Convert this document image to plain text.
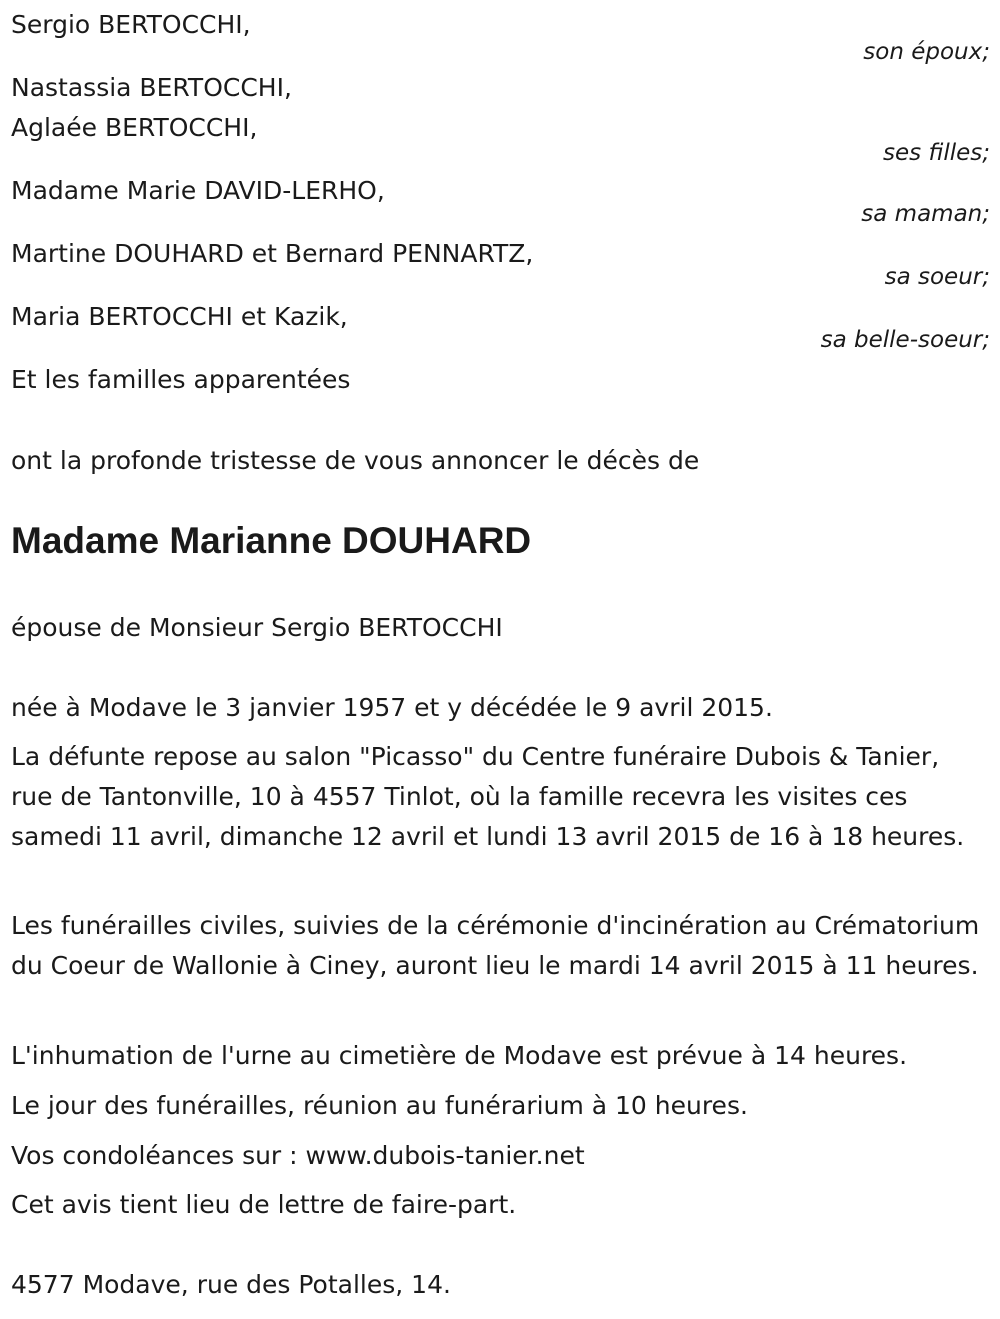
Sergio BERTOCCHI,
son époux;
Nastassia BERTOCCHI,
Aglaée BERTOCCHI,
ses filles;
Madame Marie DAVID-LERHO,
sa maman;
Martine DOUHARD et Bernard PENNARTZ,
sa soeur;
Maria BERTOCCHI et Kazik,
sa belle-soeur;
Et les familles apparentées
ont la profonde tristesse de vous annoncer le décès de
Madame Marianne DOUHARD
épouse de Monsieur Sergio BERTOCCHI
née à Modave le 3 janvier 1957 et y décédée le 9 avril 2015.
La défunte repose au salon "Picasso" du Centre funéraire Dubois & Tanier, rue de Tantonville, 10 à 4557 Tinlot, où la famille recevra les visites ces samedi 11 avril, dimanche 12 avril et lundi 13 avril 2015 de 16 à 18 heures.
Les funérailles civiles, suivies de la cérémonie d'incinération au Crématorium du Coeur de Wallonie à Ciney, auront lieu le mardi 14 avril 2015 à 11 heures.
L'inhumation de l'urne au cimetière de Modave est prévue à 14 heures.
Le jour des funérailles, réunion au funérarium à 10 heures.
Vos condoléances sur : www.dubois-tanier.net
Cet avis tient lieu de lettre de faire-part.
4577 Modave, rue des Potalles, 14.
